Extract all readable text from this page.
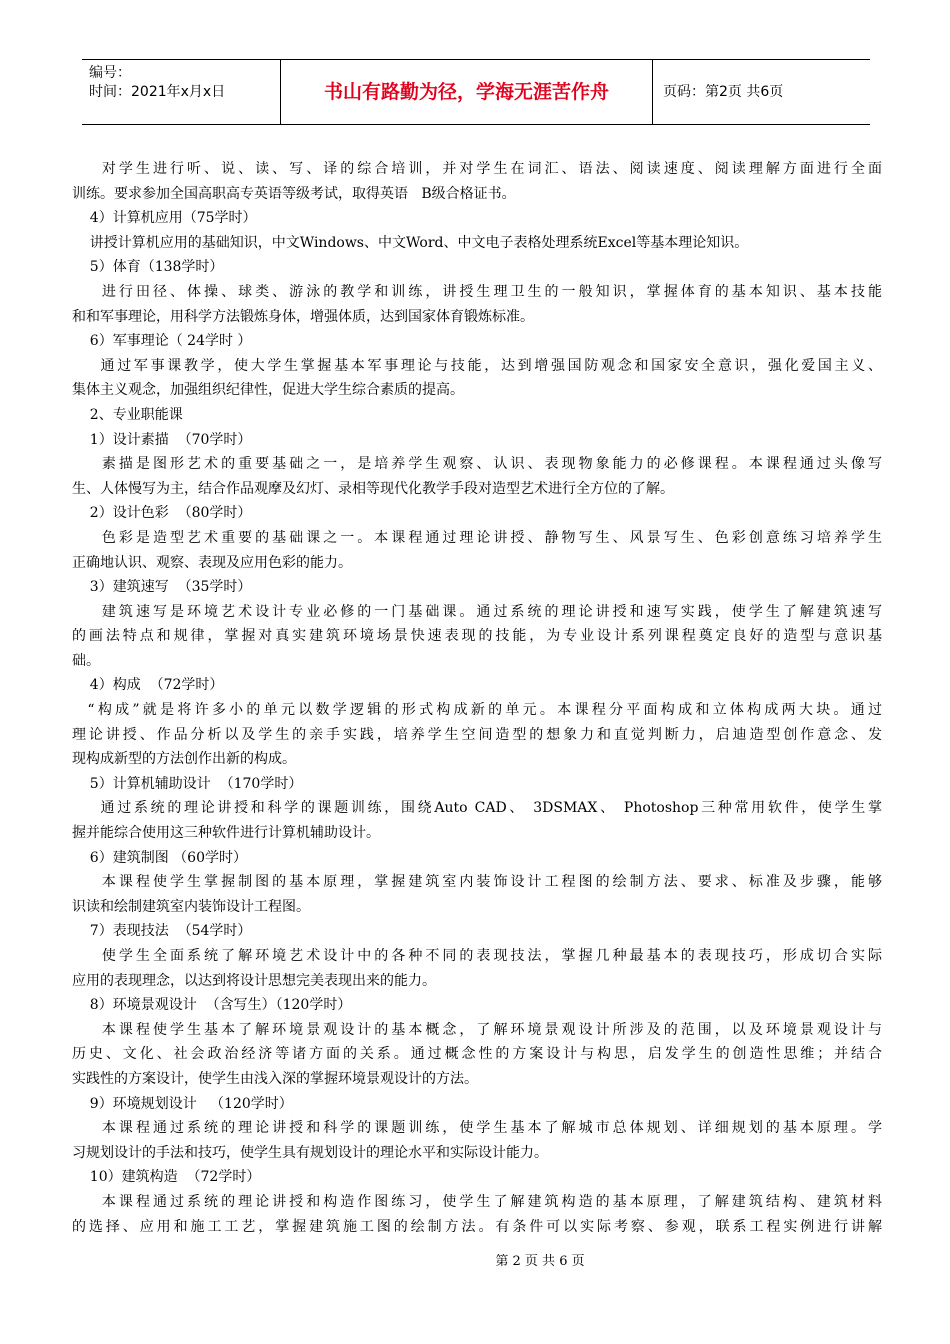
编号：
时间：2021年x月x日	书山有路勤为径，学海无涯苦作舟	页码：第2页 共6页
对学生进行听、说、读、写、译的综合培训，并对学生在词汇、语法、阅读速度、阅读理解方面进行全面
训练。要求参加全国高职高专英语等级考试，取得英语   B级合格证书。
4）计算机应用（75学时）
讲授计算机应用的基础知识，中文Windows、中文Word、中文电子表格处理系统Excel等基本理论知识。
5）体育（138学时）
进行田径、体操、球类、游泳的教学和训练，讲授生理卫生的一般知识，掌握体育的基本知识、基本技能
和和军事理论，用科学方法锻炼身体，增强体质，达到国家体育锻炼标准。
6）军事理论（ 24学时 ）
通过军事课教学，使大学生掌握基本军事理论与技能，达到增强国防观念和国家安全意识，强化爱国主义、
集体主义观念，加强组织纪律性，促进大学生综合素质的提高。
2、专业职能课
1）设计素描  （70学时）
素描是图形艺术的重要基础之一，是培养学生观察、认识、表现物象能力的必修课程。本课程通过头像写
生、人体慢写为主，结合作品观摩及幻灯、录相等现代化教学手段对造型艺术进行全方位的了解。
2）设计色彩  （80学时）
色彩是造型艺术重要的基础课之一。本课程通过理论讲授、静物写生、风景写生、色彩创意练习培养学生
正确地认识、观察、表现及应用色彩的能力。
3）建筑速写  （35学时）
建筑速写是环境艺术设计专业必修的一门基础课。通过系统的理论讲授和速写实践，使学生了解建筑速写
的画法特点和规律，掌握对真实建筑环境场景快速表现的技能，为专业设计系列课程奠定良好的造型与意识基
础。
4）构成  （72学时）
“构成”就是将许多小的单元以数学逻辑的形式构成新的单元。本课程分平面构成和立体构成两大块。通过
理论讲授、作品分析以及学生的亲手实践，培养学生空间造型的想象力和直觉判断力，启迪造型创作意念、发
现构成新型的方法创作出新的构成。
5）计算机辅助设计  （170学时）
通过系统的理论讲授和科学的课题训练，围绕Auto CAD、 3DSMAX、 Photoshop三种常用软件，使学生掌
握并能综合使用这三种软件进行计算机辅助设计。
6）建筑制图 （60学时）
本课程使学生掌握制图的基本原理，掌握建筑室内装饰设计工程图的绘制方法、要求、标准及步骤，能够
识读和绘制建筑室内装饰设计工程图。
7）表现技法  （54学时）
使学生全面系统了解环境艺术设计中的各种不同的表现技法，掌握几种最基本的表现技巧，形成切合实际
应用的表现理念，以达到将设计思想完美表现出来的能力。
8）环境景观设计  （含写生）（120学时）
本课程使学生基本了解环境景观设计的基本概念，了解环境景观设计所涉及的范围，以及环境景观设计与
历史、文化、社会政治经济等诸方面的关系。通过概念性的方案设计与构思，启发学生的创造性思维；并结合
实践性的方案设计，使学生由浅入深的掌握环境景观设计的方法。
9）环境规划设计   （120学时）
本课程通过系统的理论讲授和科学的课题训练，使学生基本了解城市总体规划、详细规划的基本原理。学
习规划设计的手法和技巧，使学生具有规划设计的理论水平和实际设计能力。
10）建筑构造  （72学时）
本课程通过系统的理论讲授和构造作图练习，使学生了解建筑构造的基本原理，了解建筑结构、建筑材料
的选择、应用和施工工艺，掌握建筑施工图的绘制方法。有条件可以实际考察、参观，联系工程实例进行讲解
第 2 页 共 6 页
